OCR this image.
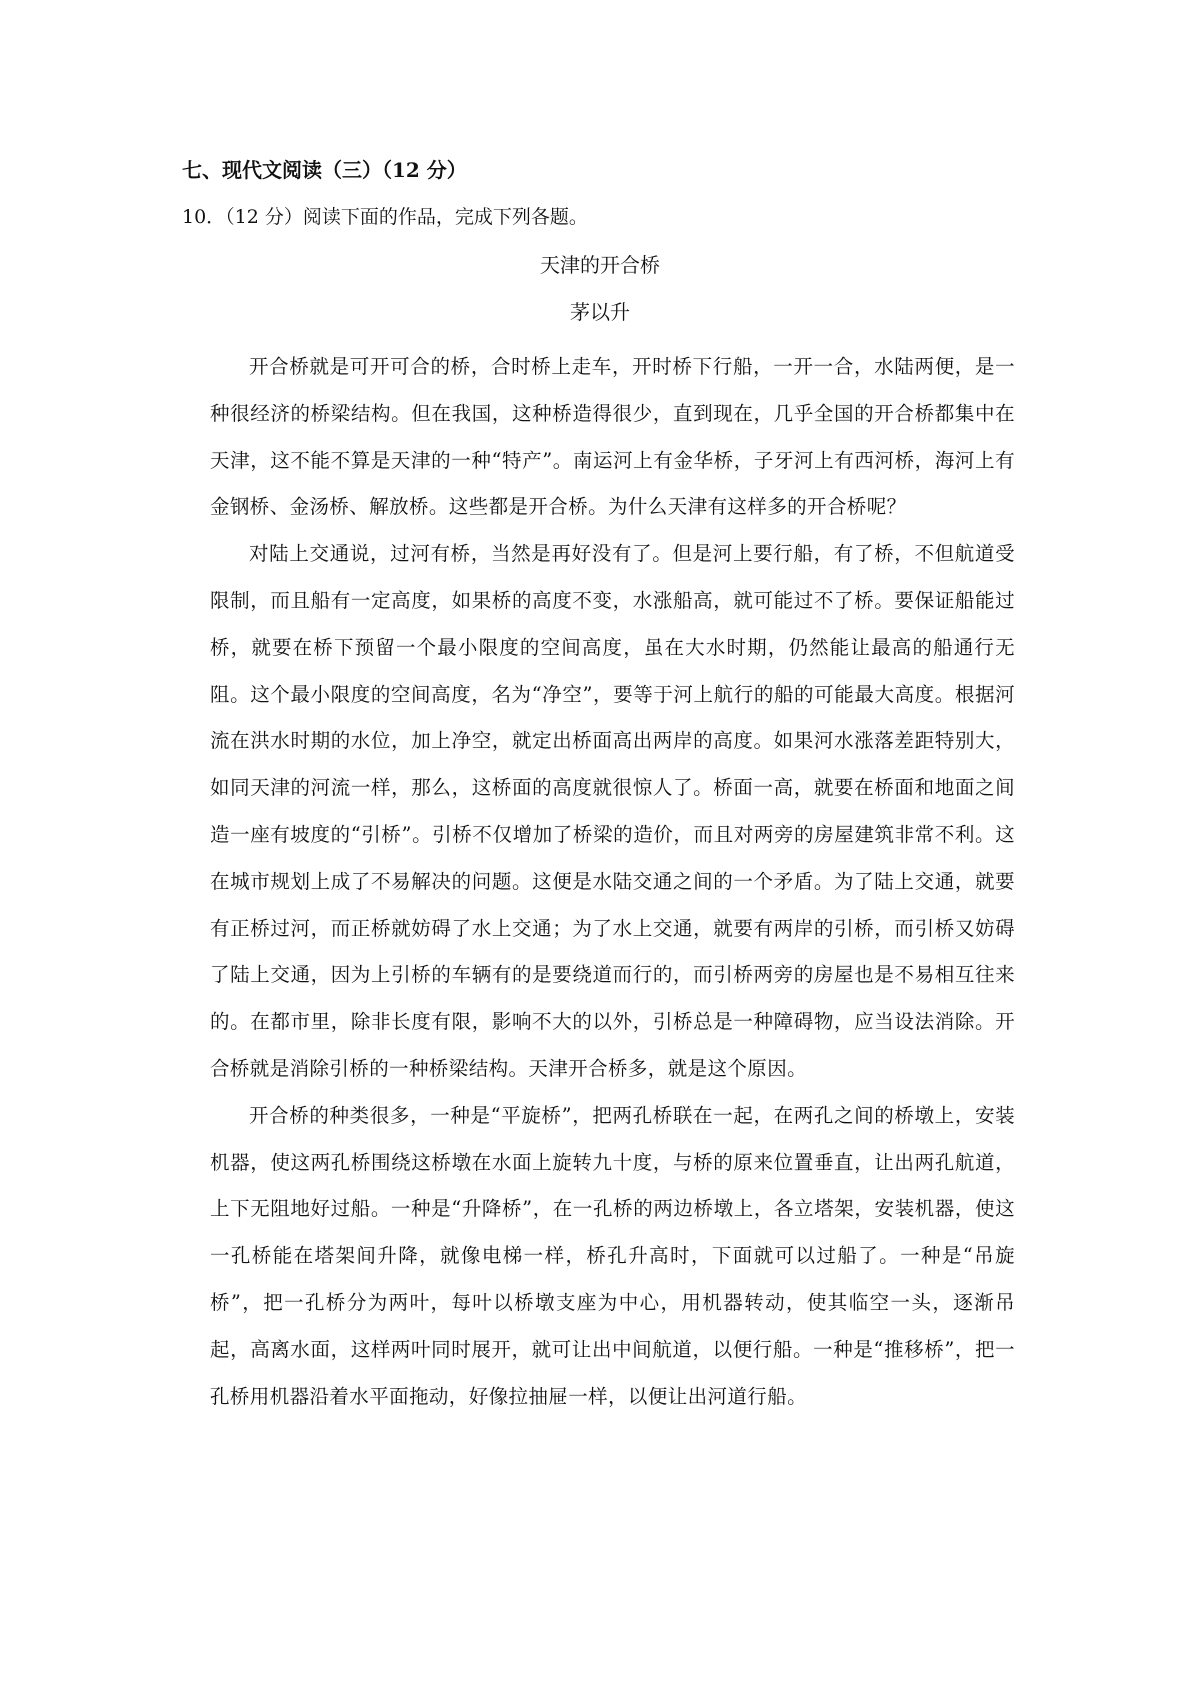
七、现代文阅读（三）（12 分）
10．（12 分）阅读下面的作品，完成下列各题。
天津的开合桥
茅以升

开合桥就是可开可合的桥，合时桥上走车，开时桥下行船，一开一合，水陆两便，是一种很经济的桥梁结构。但在我国，这种桥造得很少，直到现在，几乎全国的开合桥都集中在天津，这不能不算是天津的一种“特产”。南运河上有金华桥，子牙河上有西河桥，海河上有金钢桥、金汤桥、解放桥。这些都是开合桥。为什么天津有这样多的开合桥呢？

对陆上交通说，过河有桥，当然是再好没有了。但是河上要行船，有了桥，不但航道受限制，而且船有一定高度，如果桥的高度不变，水涨船高，就可能过不了桥。要保证船能过桥，就要在桥下预留一个最小限度的空间高度，虽在大水时期，仍然能让最高的船通行无阻。这个最小限度的空间高度，名为“净空”，要等于河上航行的船的可能最大高度。根据河流在洪水时期的水位，加上净空，就定出桥面高出两岸的高度。如果河水涨落差距特别大，如同天津的河流一样，那么，这桥面的高度就很惊人了。桥面一高，就要在桥面和地面之间造一座有坡度的“引桥”。引桥不仅增加了桥梁的造价，而且对两旁的房屋建筑非常不利。这在城市规划上成了不易解决的问题。这便是水陆交通之间的一个矛盾。为了陆上交通，就要有正桥过河，而正桥就妨碍了水上交通；为了水上交通，就要有两岸的引桥，而引桥又妨碍了陆上交通，因为上引桥的车辆有的是要绕道而行的，而引桥两旁的房屋也是不易相互往来的。在都市里，除非长度有限，影响不大的以外，引桥总是一种障碍物，应当设法消除。开合桥就是消除引桥的一种桥梁结构。天津开合桥多，就是这个原因。

开合桥的种类很多，一种是“平旋桥”，把两孔桥联在一起，在两孔之间的桥墩上，安装机器，使这两孔桥围绕这桥墩在水面上旋转九十度，与桥的原来位置垂直，让出两孔航道，上下无阻地好过船。一种是“升降桥”，在一孔桥的两边桥墩上，各立塔架，安装机器，使这一孔桥能在塔架间升降，就像电梯一样，桥孔升高时，下面就可以过船了。一种是“吊旋桥”，把一孔桥分为两叶，每叶以桥墩支座为中心，用机器转动，使其临空一头，逐渐吊起，高离水面，这样两叶同时展开，就可让出中间航道，以便行船。一种是“推移桥”，把一孔桥用机器沿着水平面拖动，好像拉抽屉一样，以便让出河道行船。
